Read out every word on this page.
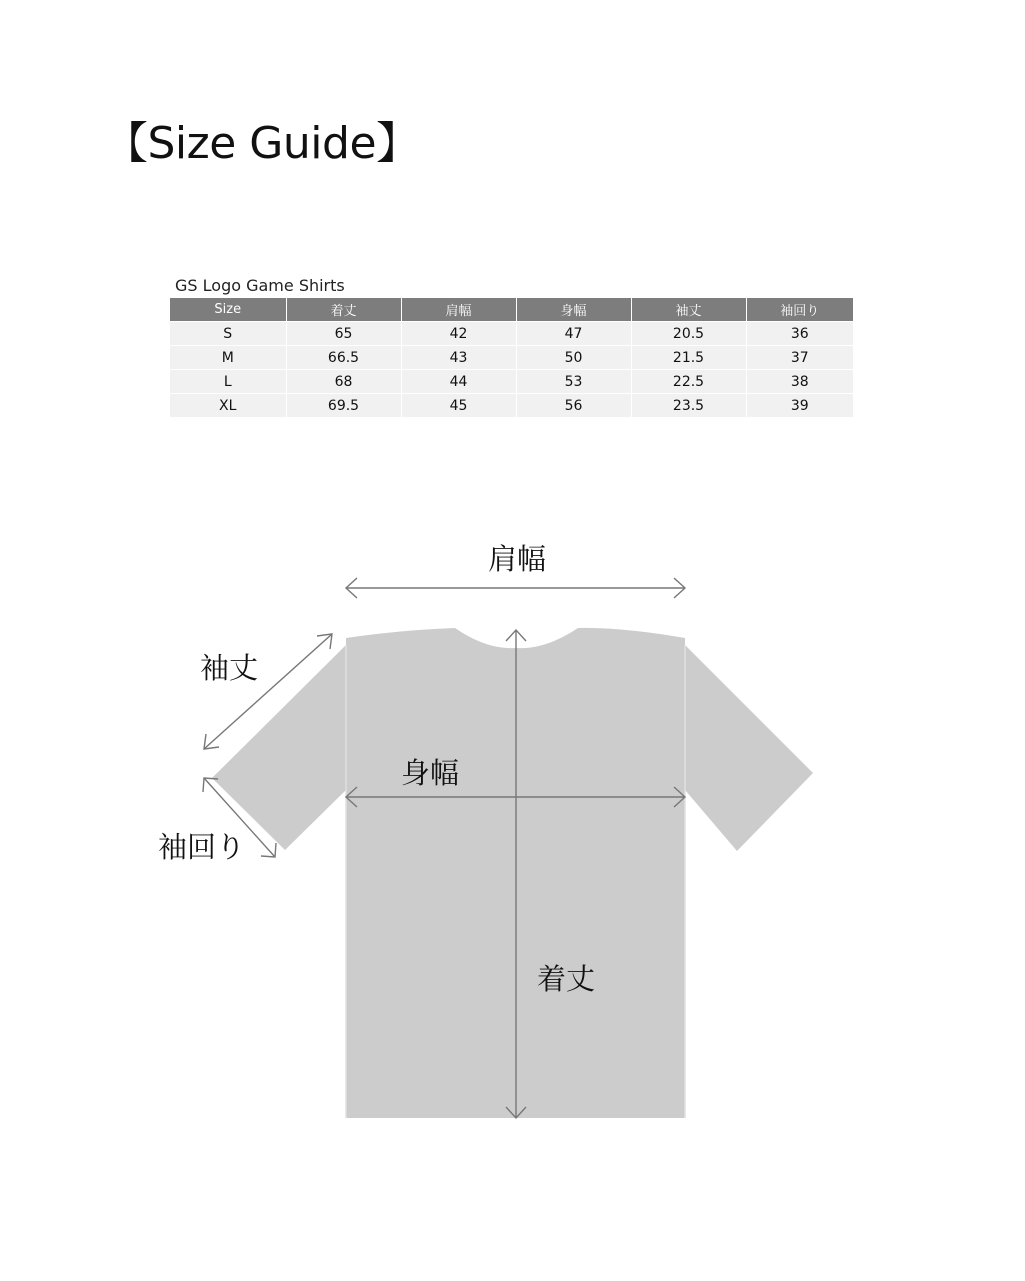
【Size Guide】
GS Logo Game Shirts
Size	着丈	肩幅	身幅	袖丈	袖回り
S	65	42	47	20.5	36
M	66.5	43	50	21.5	37
L	68	44	53	22.5	38
XL	69.5	45	56	23.5	39
肩幅
袖丈
身幅
袖回り
着丈
